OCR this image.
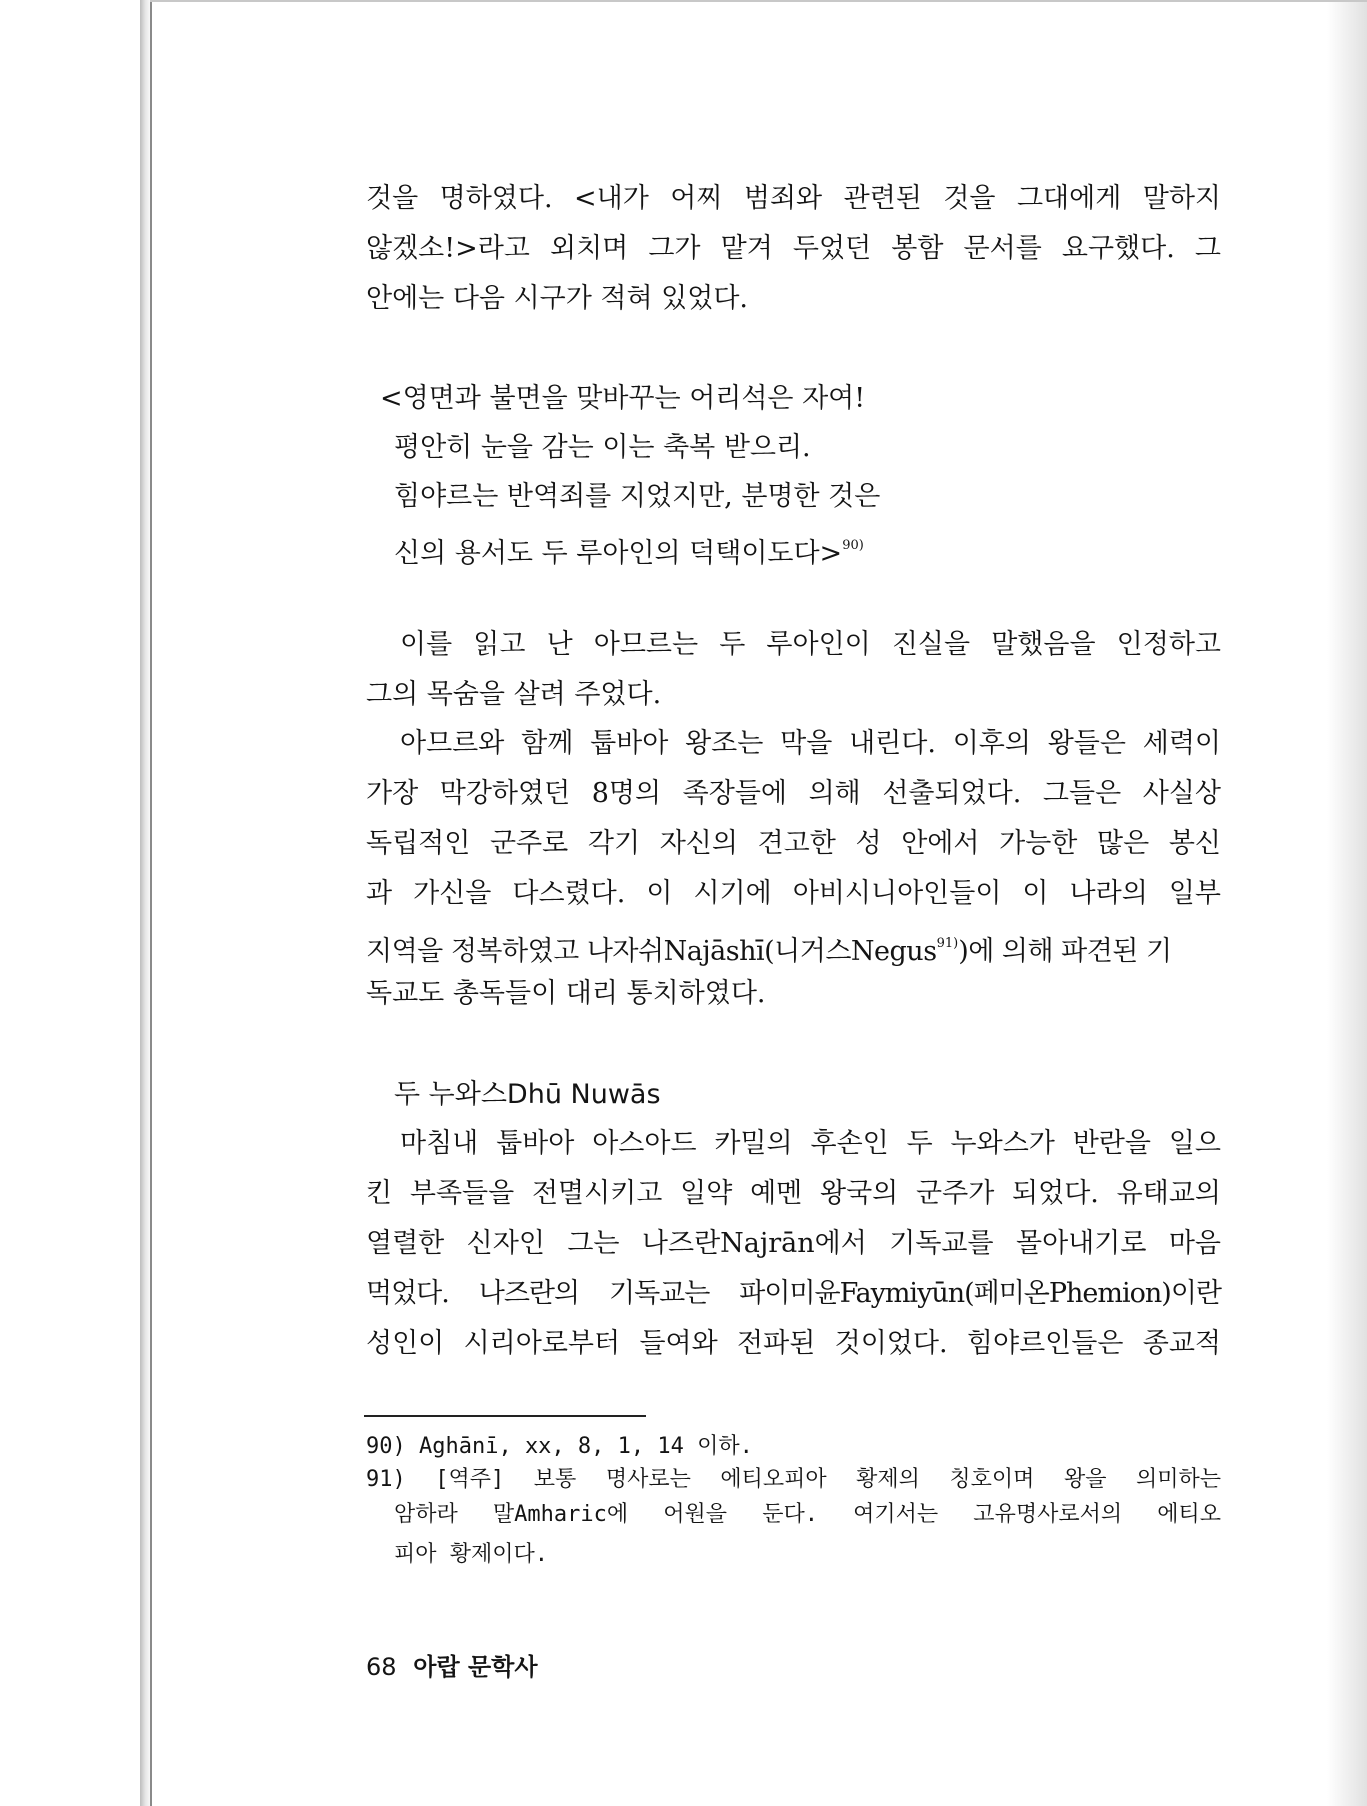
것을 명하였다. <내가 어찌 범죄와 관련된 것을 그대에게 말하지
않겠소!>라고 외치며 그가 맡겨 두었던 봉함 문서를 요구했다. 그
안에는 다음 시구가 적혀 있었다.
<영면과 불면을 맞바꾸는 어리석은 자여!
평안히 눈을 감는 이는 축복 받으리.
힘야르는 반역죄를 지었지만, 분명한 것은
신의 용서도 두 루아인의 덕택이도다>$^{90)}$
이를 읽고 난 아므르는 두 루아인이 진실을 말했음을 인정하고
그의 목숨을 살려 주었다.
아므르와 함께 툽바아 왕조는 막을 내린다. 이후의 왕들은 세력이
가장 막강하였던 8명의 족장들에 의해 선출되었다. 그들은 사실상
독립적인 군주로 각기 자신의 견고한 성 안에서 가능한 많은 봉신
과 가신을 다스렸다. 이 시기에 아비시니아인들이 이 나라의 일부
지역을 정복하였고 나자쉬Najāshī(니거스Negus$^{91)}$)에 의해 파견된 기
독교도 총독들이 대리 통치하였다.
두 누와스Dhū Nuwās
마침내 툽바아 아스아드 카밀의 후손인 두 누와스가 반란을 일으
킨 부족들을 전멸시키고 일약 예멘 왕국의 군주가 되었다. 유태교의
열렬한 신자인 그는 나즈란Najrān에서 기독교를 몰아내기로 마음
먹었다. 나즈란의 기독교는 파이미윤Faymiyūn(페미온Phemion)이란
성인이 시리아로부터 들여와 전파된 것이었다. 힘야르인들은 종교적
90) Aghānī, xx, 8, 1, 14 이하.
91) [역주] 보통 명사로는 에티오피아 황제의 칭호이며 왕을 의미하는
암하라 말Amharic에 어원을 둔다. 여기서는 고유명사로서의 에티오
피아 황제이다.
68 아랍 문학사
